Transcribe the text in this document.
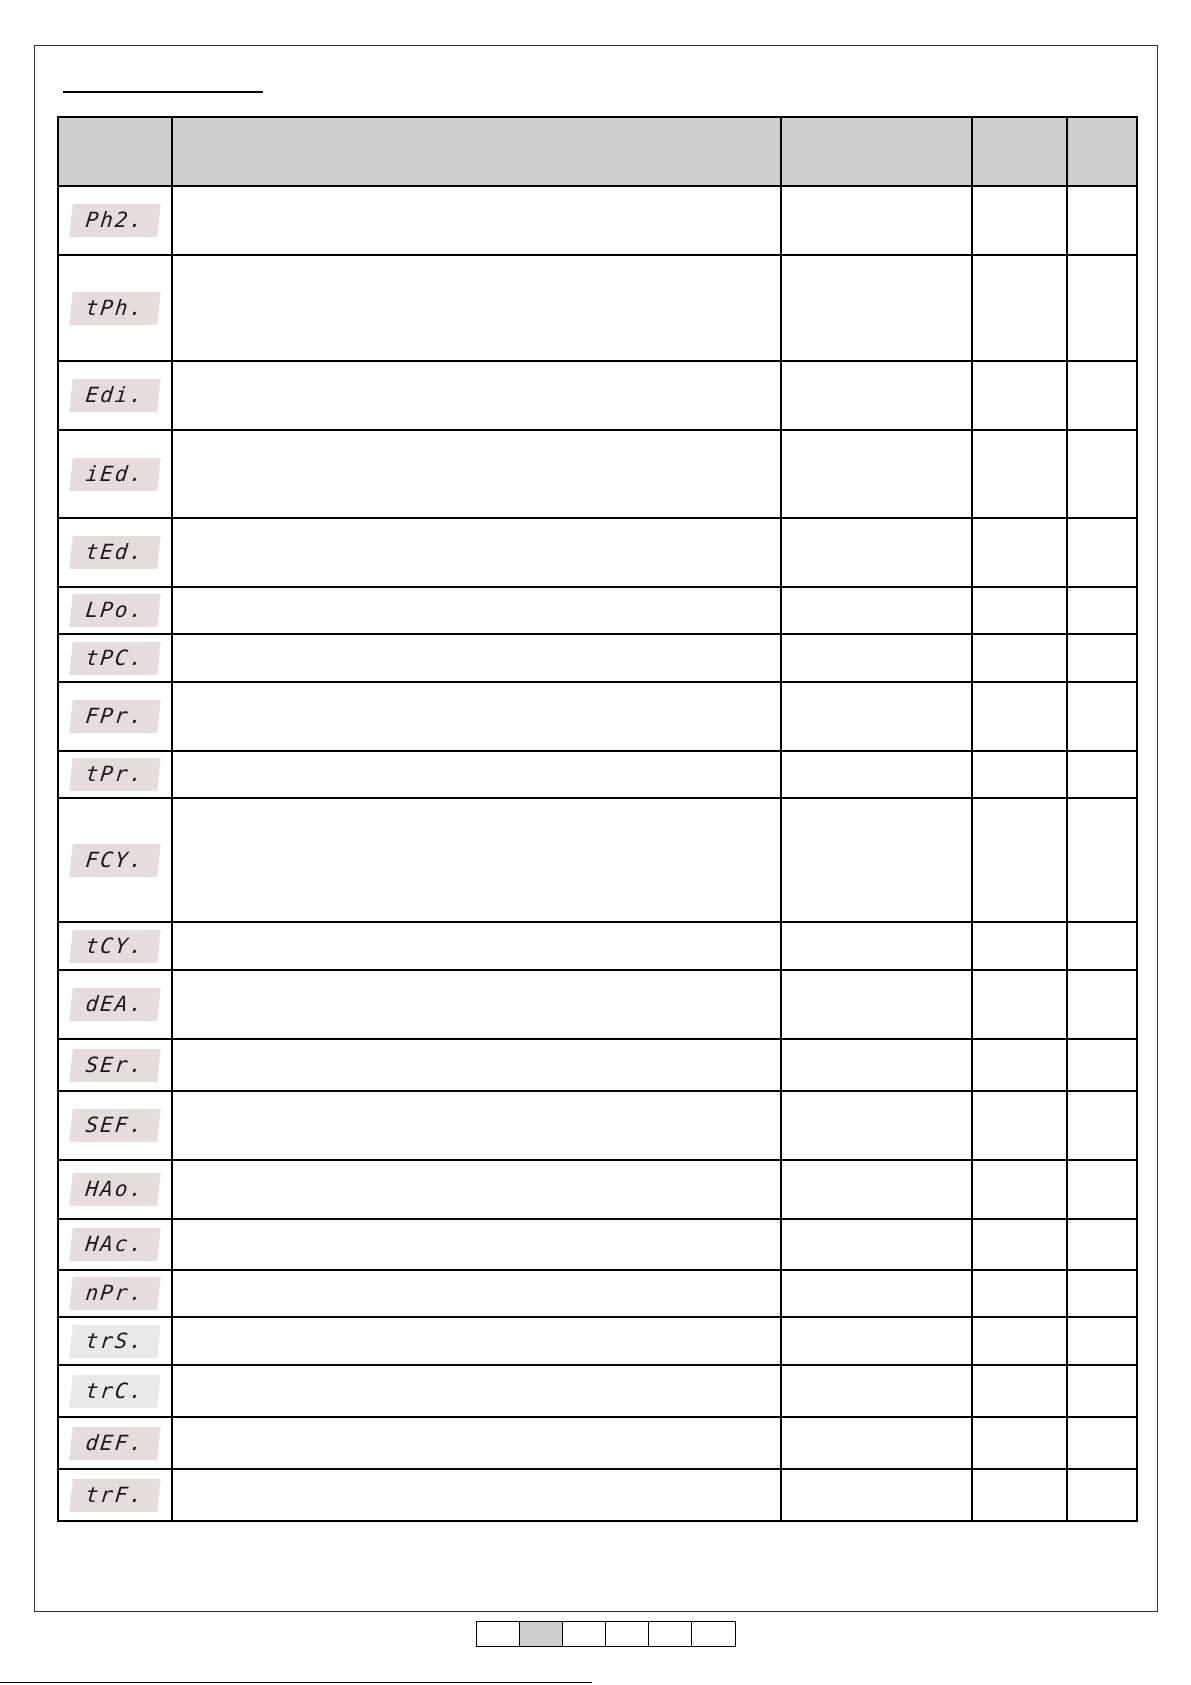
Ph2.				
tPh.				
Edi.				
iEd.				
tEd.				
LPo.				
tPC.				
FPr.				
tPr.				
FCY.				
tCY.				
dEA.				
SEr.				
SEF.				
HAo.				
HAc.				
nPr.				
trS.				
trC.				
dEF.				
trF.				
